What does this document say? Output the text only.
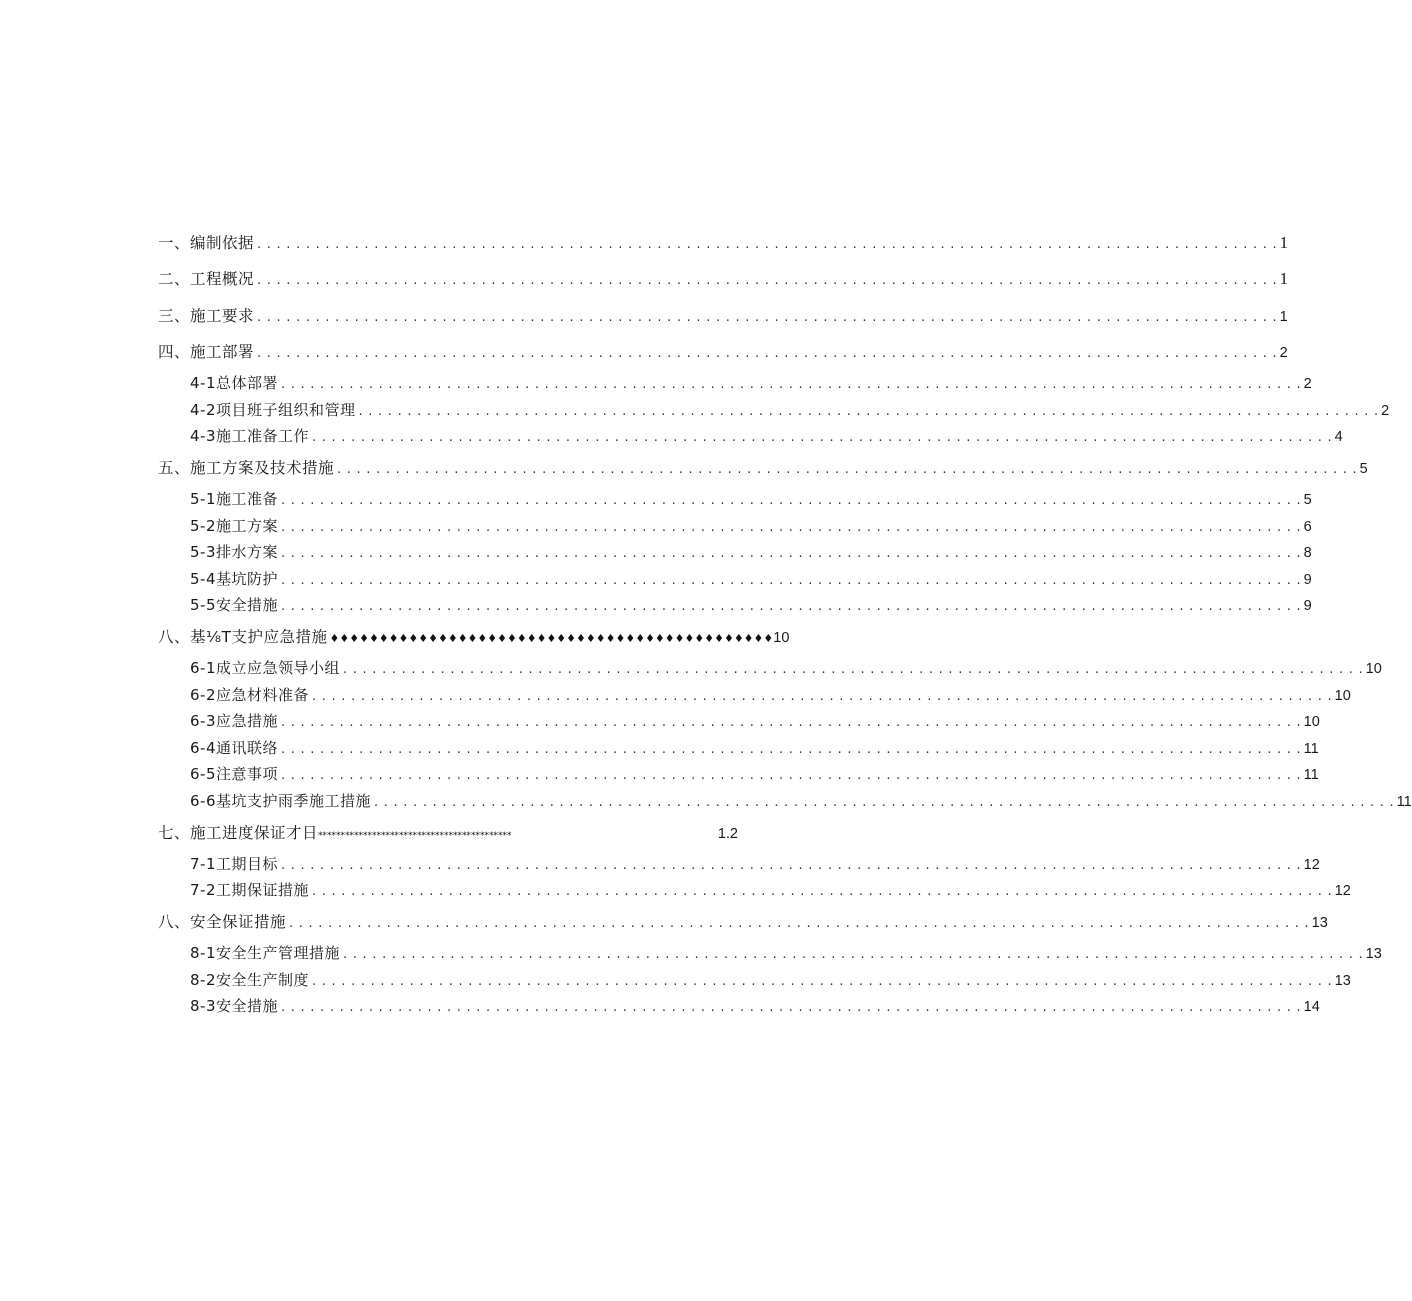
一、编制依据 . . .	1
二、工程概况 . . .	1
三、施工要求 . . .	1
四、施工部署 . . .	2
4-1总体部署 . . .	2
4-2项目班子组织和管理 . . .	2
4-3施工准备工作 . . .	4
五、施工方案及技术措施 . . .	5
5-1施工准备 . . .	5
5-2施工方案 . . .	6
5-3排水方案 . . .	8
5-4基坑防护 . . .	9
5-5安全措施 . . .	9
八、基⅛T支护应急措施 ♦♦♦♦♦♦♦♦♦♦♦♦♦♦♦♦♦♦♦♦♦♦♦♦♦♦♦♦♦♦♦♦♦♦♦♦♦♦♦♦♦♦♦♦♦ 10
6-1成立应急领导小组 . . .	10
6-2应急材料准备 . . .	10
6-3应急措施 . . .	10
6-4通讯联络 . . .	11
6-5注意事项 . . .	11
6-6基坑支护雨季施工措施 . . .	11
七、施工进度保证才日 *******************************************	1.2
7-1工期目标 . . .	12
7-2工期保证措施 . . .	12
八、安全保证措施 . . .	13
8-1安全生产管理措施 . . .	13
8-2安全生产制度 . . .	13
8-3安全措施 . . .	14
